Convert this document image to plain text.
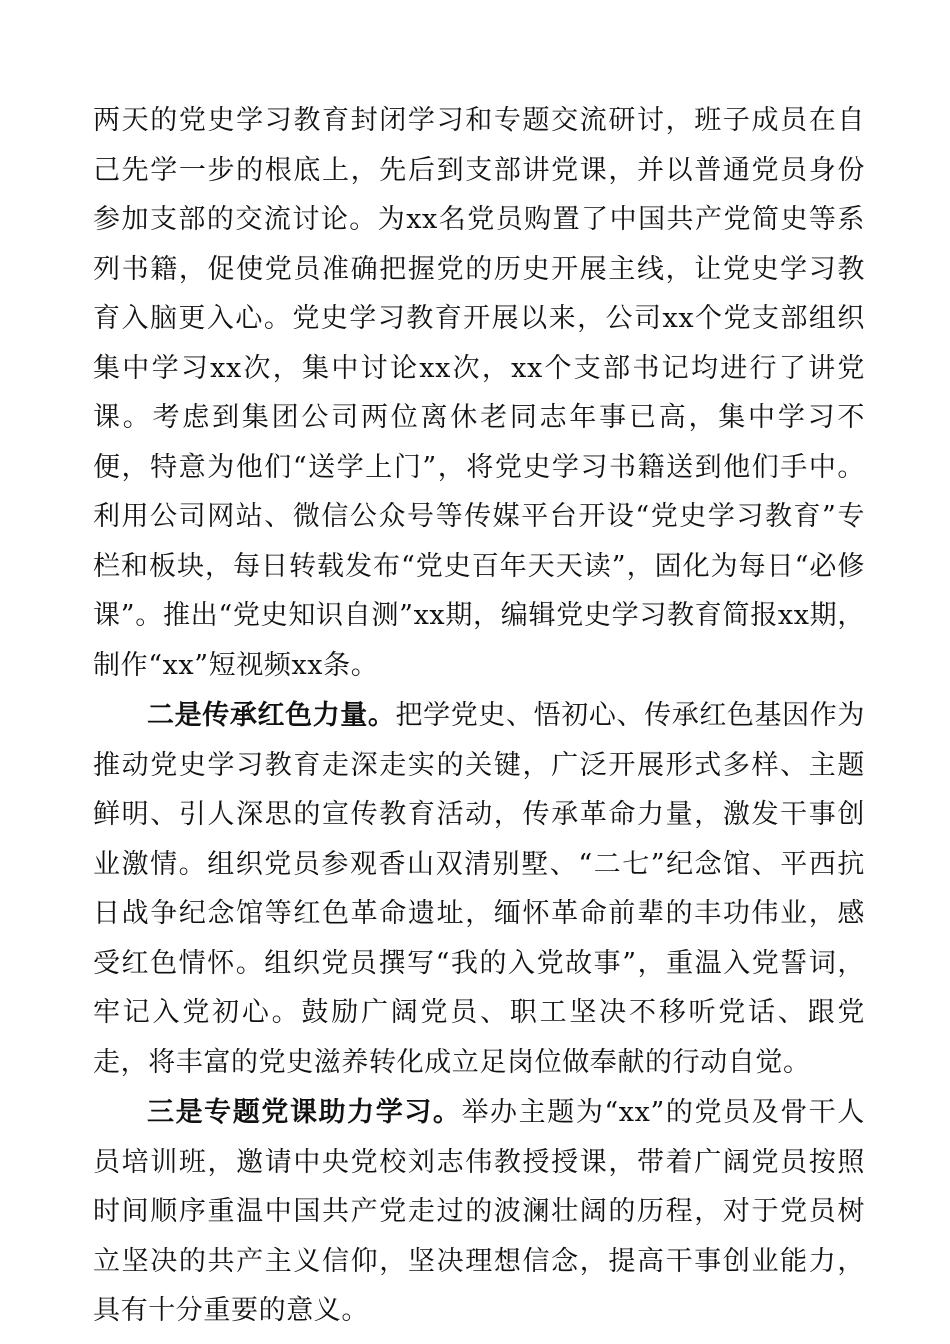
两天的党史学习教育封闭学习和专题交流研讨，班子成员在自己先学一步的根底上，先后到支部讲党课，并以普通党员身份参加支部的交流讨论。为xx名党员购置了中国共产党简史等系列书籍，促使党员准确把握党的历史开展主线，让党史学习教育入脑更入心。党史学习教育开展以来，公司xx个党支部组织集中学习xx次，集中讨论xx次，xx个支部书记均进行了讲党课。考虑到集团公司两位离休老同志年事已高，集中学习不便，特意为他们“送学上门”，将党史学习书籍送到他们手中。利用公司网站、微信公众号等传媒平台开设“党史学习教育”专栏和板块，每日转载发布“党史百年天天读”，固化为每日“必修课”。推出“党史知识自测”xx期，编辑党史学习教育简报xx期，制作“xx”短视频xx条。

二是传承红色力量。把学党史、悟初心、传承红色基因作为推动党史学习教育走深走实的关键，广泛开展形式多样、主题鲜明、引人深思的宣传教育活动，传承革命力量，激发干事创业激情。组织党员参观香山双清别墅、“二七”纪念馆、平西抗日战争纪念馆等红色革命遗址，缅怀革命前辈的丰功伟业，感受红色情怀。组织党员撰写“我的入党故事”，重温入党誓词，牢记入党初心。鼓励广阔党员、职工坚决不移听党话、跟党走，将丰富的党史滋养转化成立足岗位做奉献的行动自觉。

三是专题党课助力学习。举办主题为“xx”的党员及骨干人员培训班，邀请中央党校刘志伟教授授课，带着广阔党员按照时间顺序重温中国共产党走过的波澜壮阔的历程，对于党员树立坚决的共产主义信仰，坚决理想信念，提高干事创业能力，具有十分重要的意义。
